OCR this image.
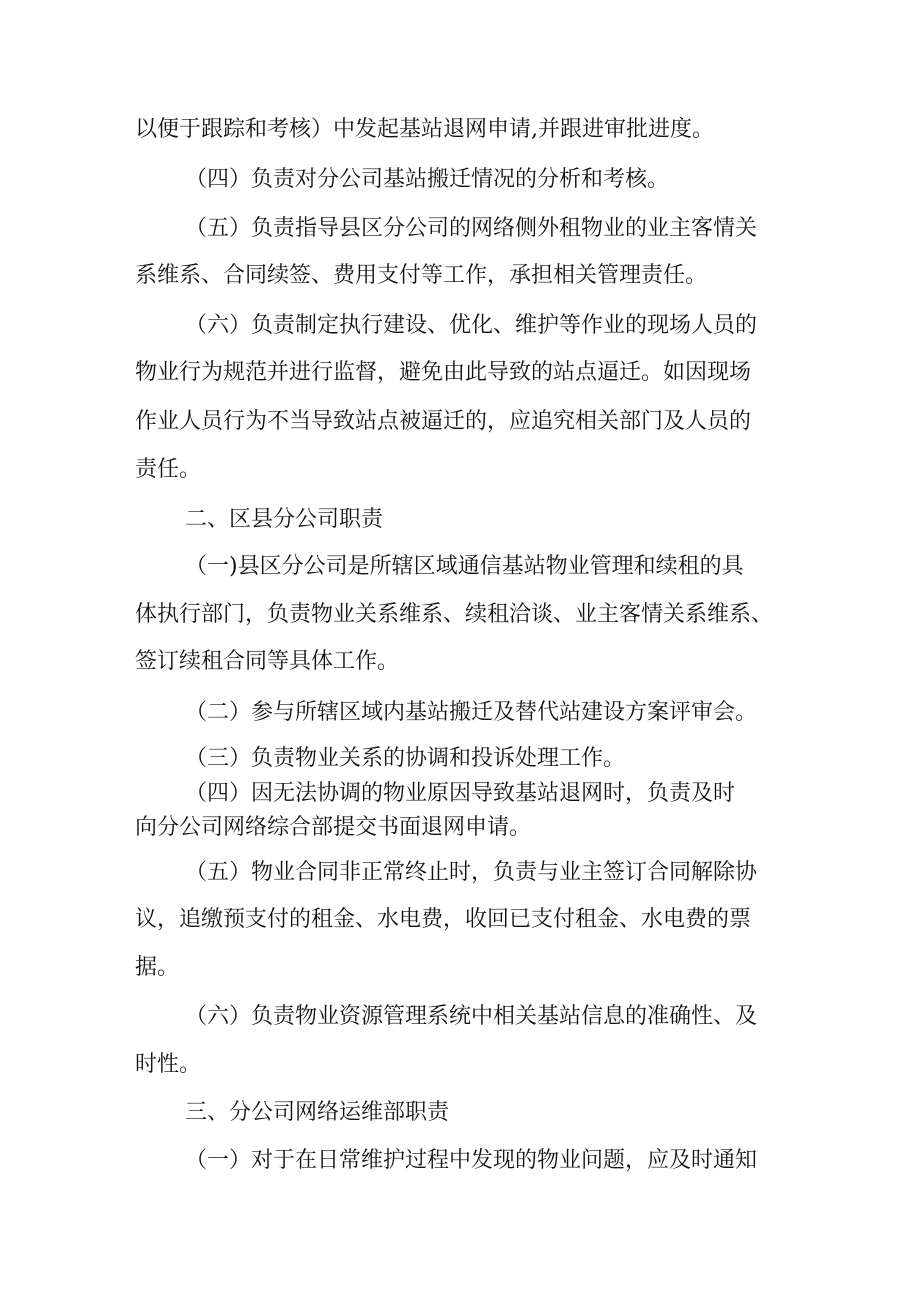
以便于跟踪和考核）中发起基站退网申请,并跟进审批进度。
（四）负责对分公司基站搬迁情况的分析和考核。
（五）负责指导县区分公司的网络侧外租物业的业主客情关
系维系、合同续签、费用支付等工作，承担相关管理责任。
（六）负责制定执行建设、优化、维护等作业的现场人员的
物业行为规范并进行监督，避免由此导致的站点逼迁。如因现场
作业人员行为不当导致站点被逼迁的，应追究相关部门及人员的
责任。
二、区县分公司职责
（一)县区分公司是所辖区域通信基站物业管理和续租的具
体执行部门，负责物业关系维系、续租洽谈、业主客情关系维系、
签订续租合同等具体工作。
（二）参与所辖区域内基站搬迁及替代站建设方案评审会。
（三）负责物业关系的协调和投诉处理工作。
（四）因无法协调的物业原因导致基站退网时，负责及时
向分公司网络综合部提交书面退网申请。
（五）物业合同非正常终止时，负责与业主签订合同解除协
议，追缴预支付的租金、水电费，收回已支付租金、水电费的票
据。
（六）负责物业资源管理系统中相关基站信息的准确性、及
时性。
三、分公司网络运维部职责
（一）对于在日常维护过程中发现的物业问题，应及时通知
